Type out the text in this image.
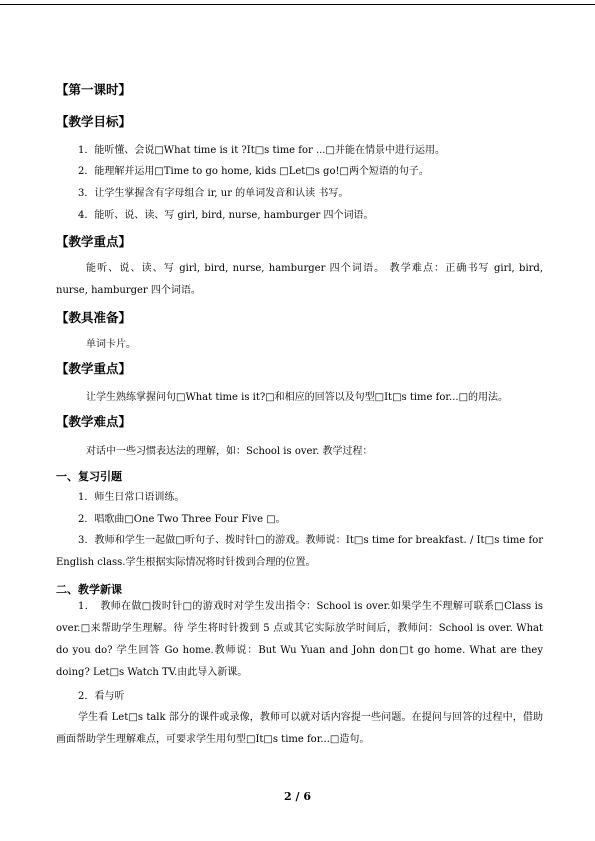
【第一课时】
【教学目标】
1．能听懂、会说□What time is it ?It□s time for ...□并能在情景中进行运用。
2．能理解并运用□Time to go home, kids □Let□s go!□两个短语的句子。
3．让学生掌握含有字母组合 ir, ur 的单词发音和认读 书写。
4．能听、说、读、写 girl, bird, nurse, hamburger 四个词语。
【教学重点】
能听、说、读、写 girl, bird, nurse, hamburger 四个词语。 教学难点：正确书写 girl, bird, nurse, hamburger 四个词语。
【教具准备】
单词卡片。
【教学重点】
让学生熟练掌握问句□What time is it?□和相应的回答以及句型□It□s time for...□的用法。
【教学难点】
对话中一些习惯表达法的理解，如：School is over. 教学过程：
一、复习引题
1．师生日常口语训练。
2．唱歌曲□One Two Three Four Five □。
3．教师和学生一起做□听句子、拨时针□的游戏。教师说：It□s time for breakfast. / It□s time for English class.学生根据实际情况将时针拨到合理的位置。
二、教学新课
1．　教师在做□拨时针□的游戏时对学生发出指令：School is over.如果学生不理解可联系□Class is over.□来帮助学生理解。待 学生将时针拨到 5 点或其它实际放学时间后，教师问：School is over. What do you do? 学生回答 Go home.教师说：But Wu Yuan and John don□t go home. What are they doing? Let□s Watch TV.由此导入新课。
2．看与听
学生看 Let□s talk 部分的课件或录像，教师可以就对话内容提一些问题。在提问与回答的过程中，借助画面帮助学生理解难点，可要求学生用句型□It□s time for...□造句。
2 / 6
